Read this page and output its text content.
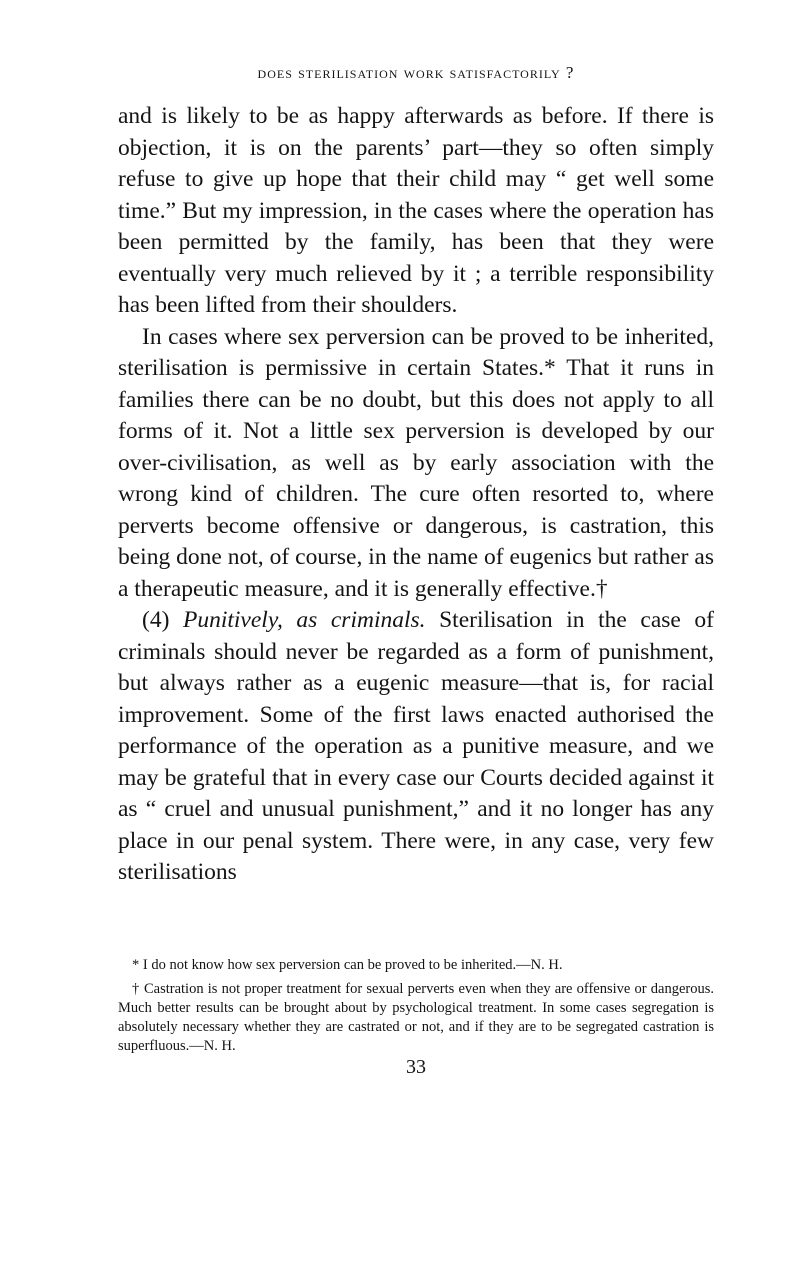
does sterilisation work satisfactorily ?

and is likely to be as happy afterwards as before. If there is objection, it is on the parents’ part—they so often simply refuse to give up hope that their child may “ get well some time.” But my impression, in the cases where the operation has been permitted by the family, has been that they were eventually very much relieved by it ; a terrible responsibility has been lifted from their shoulders.

In cases where sex perversion can be proved to be inherited, sterilisation is permissive in certain States.* That it runs in families there can be no doubt, but this does not apply to all forms of it. Not a little sex perversion is developed by our over-civilisation, as well as by early association with the wrong kind of children. The cure often resorted to, where perverts become offensive or dangerous, is castration, this being done not, of course, in the name of eugenics but rather as a therapeutic measure, and it is generally effective.†

(4) Punitively, as criminals. Sterilisation in the case of criminals should never be regarded as a form of punishment, but always rather as a eugenic measure—that is, for racial improvement. Some of the first laws enacted authorised the performance of the operation as a punitive measure, and we may be grateful that in every case our Courts decided against it as “ cruel and unusual punishment,” and it no longer has any place in our penal system. There were, in any case, very few sterilisations

* I do not know how sex perversion can be proved to be inherited.—N. H.

† Castration is not proper treatment for sexual perverts even when they are offensive or dangerous. Much better results can be brought about by psychological treatment. In some cases segregation is absolutely necessary whether they are castrated or not, and if they are to be segregated castration is superfluous.—N. H.

33
